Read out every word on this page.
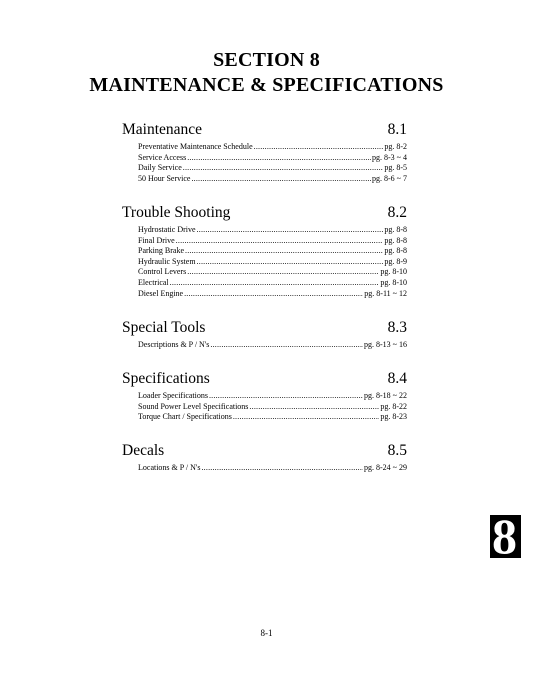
SECTION 8
MAINTENANCE & SPECIFICATIONS
Maintenance	8.1
Preventative Maintenance Schedule .....	pg. 8-2
Service Access .....	pg. 8-3 ~ 4
Daily Service .....	pg. 8-5
50 Hour Service .....	pg. 8-6 ~ 7
Trouble Shooting	8.2
Hydrostatic Drive .....	pg. 8-8
Final Drive .....	pg. 8-8
Parking Brake .....	pg. 8-8
Hydraulic System .....	pg. 8-9
Control Levers .....	pg. 8-10
Electrical .....	pg. 8-10
Diesel Engine .....	pg. 8-11 ~ 12
Special Tools	8.3
Descriptions & P / N's .....	pg. 8-13 ~ 16
Specifications	8.4
Loader Specifications .....	pg. 8-18 ~ 22
Sound Power Level Specifications .....	pg. 8-22
Torque Chart / Specifications .....	pg. 8-23
Decals	8.5
Locations & P / N's .....	pg. 8-24 ~ 29
8
8-1
